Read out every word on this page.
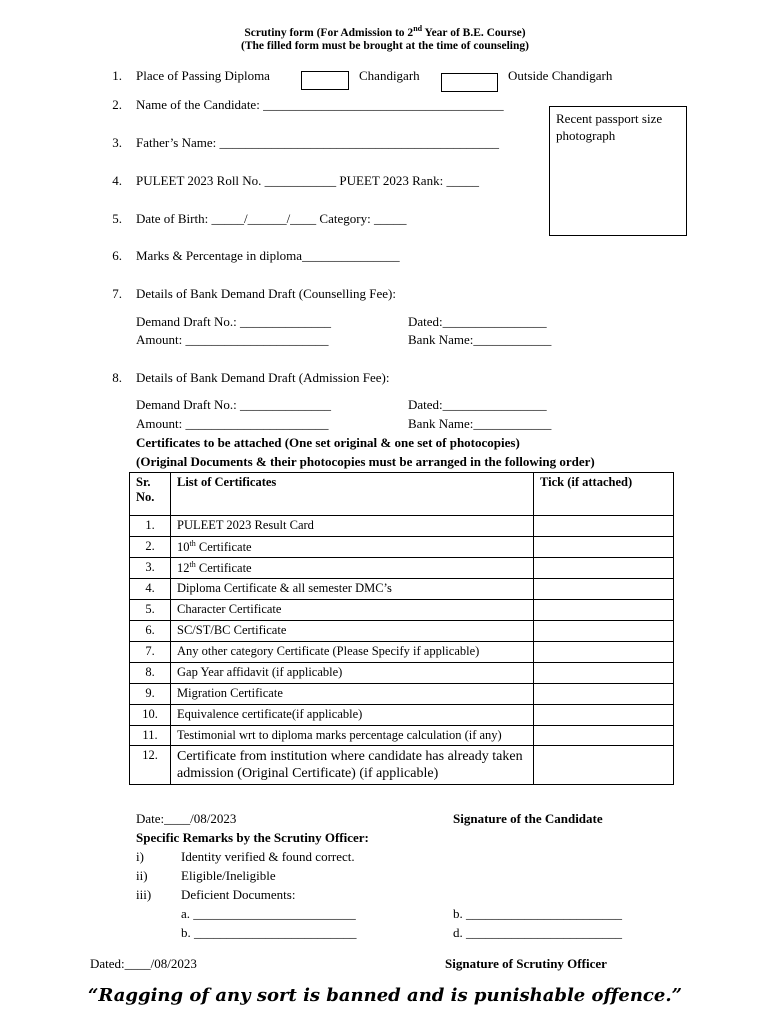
Scrutiny form (For Admission to 2nd Year of B.E. Course)
(The filled form must be brought at the time of counseling)
1. Place of Passing Diploma	Chandigarh	Outside Chandigarh
Recent passport size photograph
2. Name of the Candidate: _____________________________________
3. Father’s Name: ___________________________________________
4. PULEET 2023 Roll No. ___________ PUEET 2023 Rank: _____
5. Date of Birth: _____/______/____ Category: _____
6. Marks & Percentage in diploma_______________
7. Details of Bank Demand Draft (Counselling Fee):
Demand Draft No.: ______________	Dated:________________
Amount: ______________________	Bank Name:____________
8. Details of Bank Demand Draft (Admission Fee):
Demand Draft No.: ______________	Dated:________________
Amount: ______________________	Bank Name:____________
Certificates to be attached (One set original & one set of photocopies)
(Original Documents & their photocopies must be arranged in the following order)
Sr. No.	List of Certificates	Tick (if attached)
1.	PULEET 2023 Result Card	
2.	10th Certificate	
3.	12th Certificate	
4.	Diploma Certificate & all semester DMC’s	
5.	Character Certificate	
6.	SC/ST/BC Certificate	
7.	Any other category Certificate (Please Specify if applicable)	
8.	Gap Year affidavit (if applicable)	
9.	Migration Certificate	
10.	Equivalence certificate(if applicable)	
11.	Testimonial wrt to diploma marks percentage calculation (if any)	
12.	Certificate from institution where candidate has already taken admission (Original Certificate) (if applicable)	
Date:____/08/2023	Signature of the Candidate
Specific Remarks by the Scrutiny Officer:
i)	Identity verified & found correct.
ii)	Eligible/Ineligible
iii) Deficient Documents:
a. _________________________	b. ________________________
b. _________________________	d. ________________________
Dated:____/08/2023	Signature of Scrutiny Officer
“Ragging of any sort is banned and is punishable offence.”
